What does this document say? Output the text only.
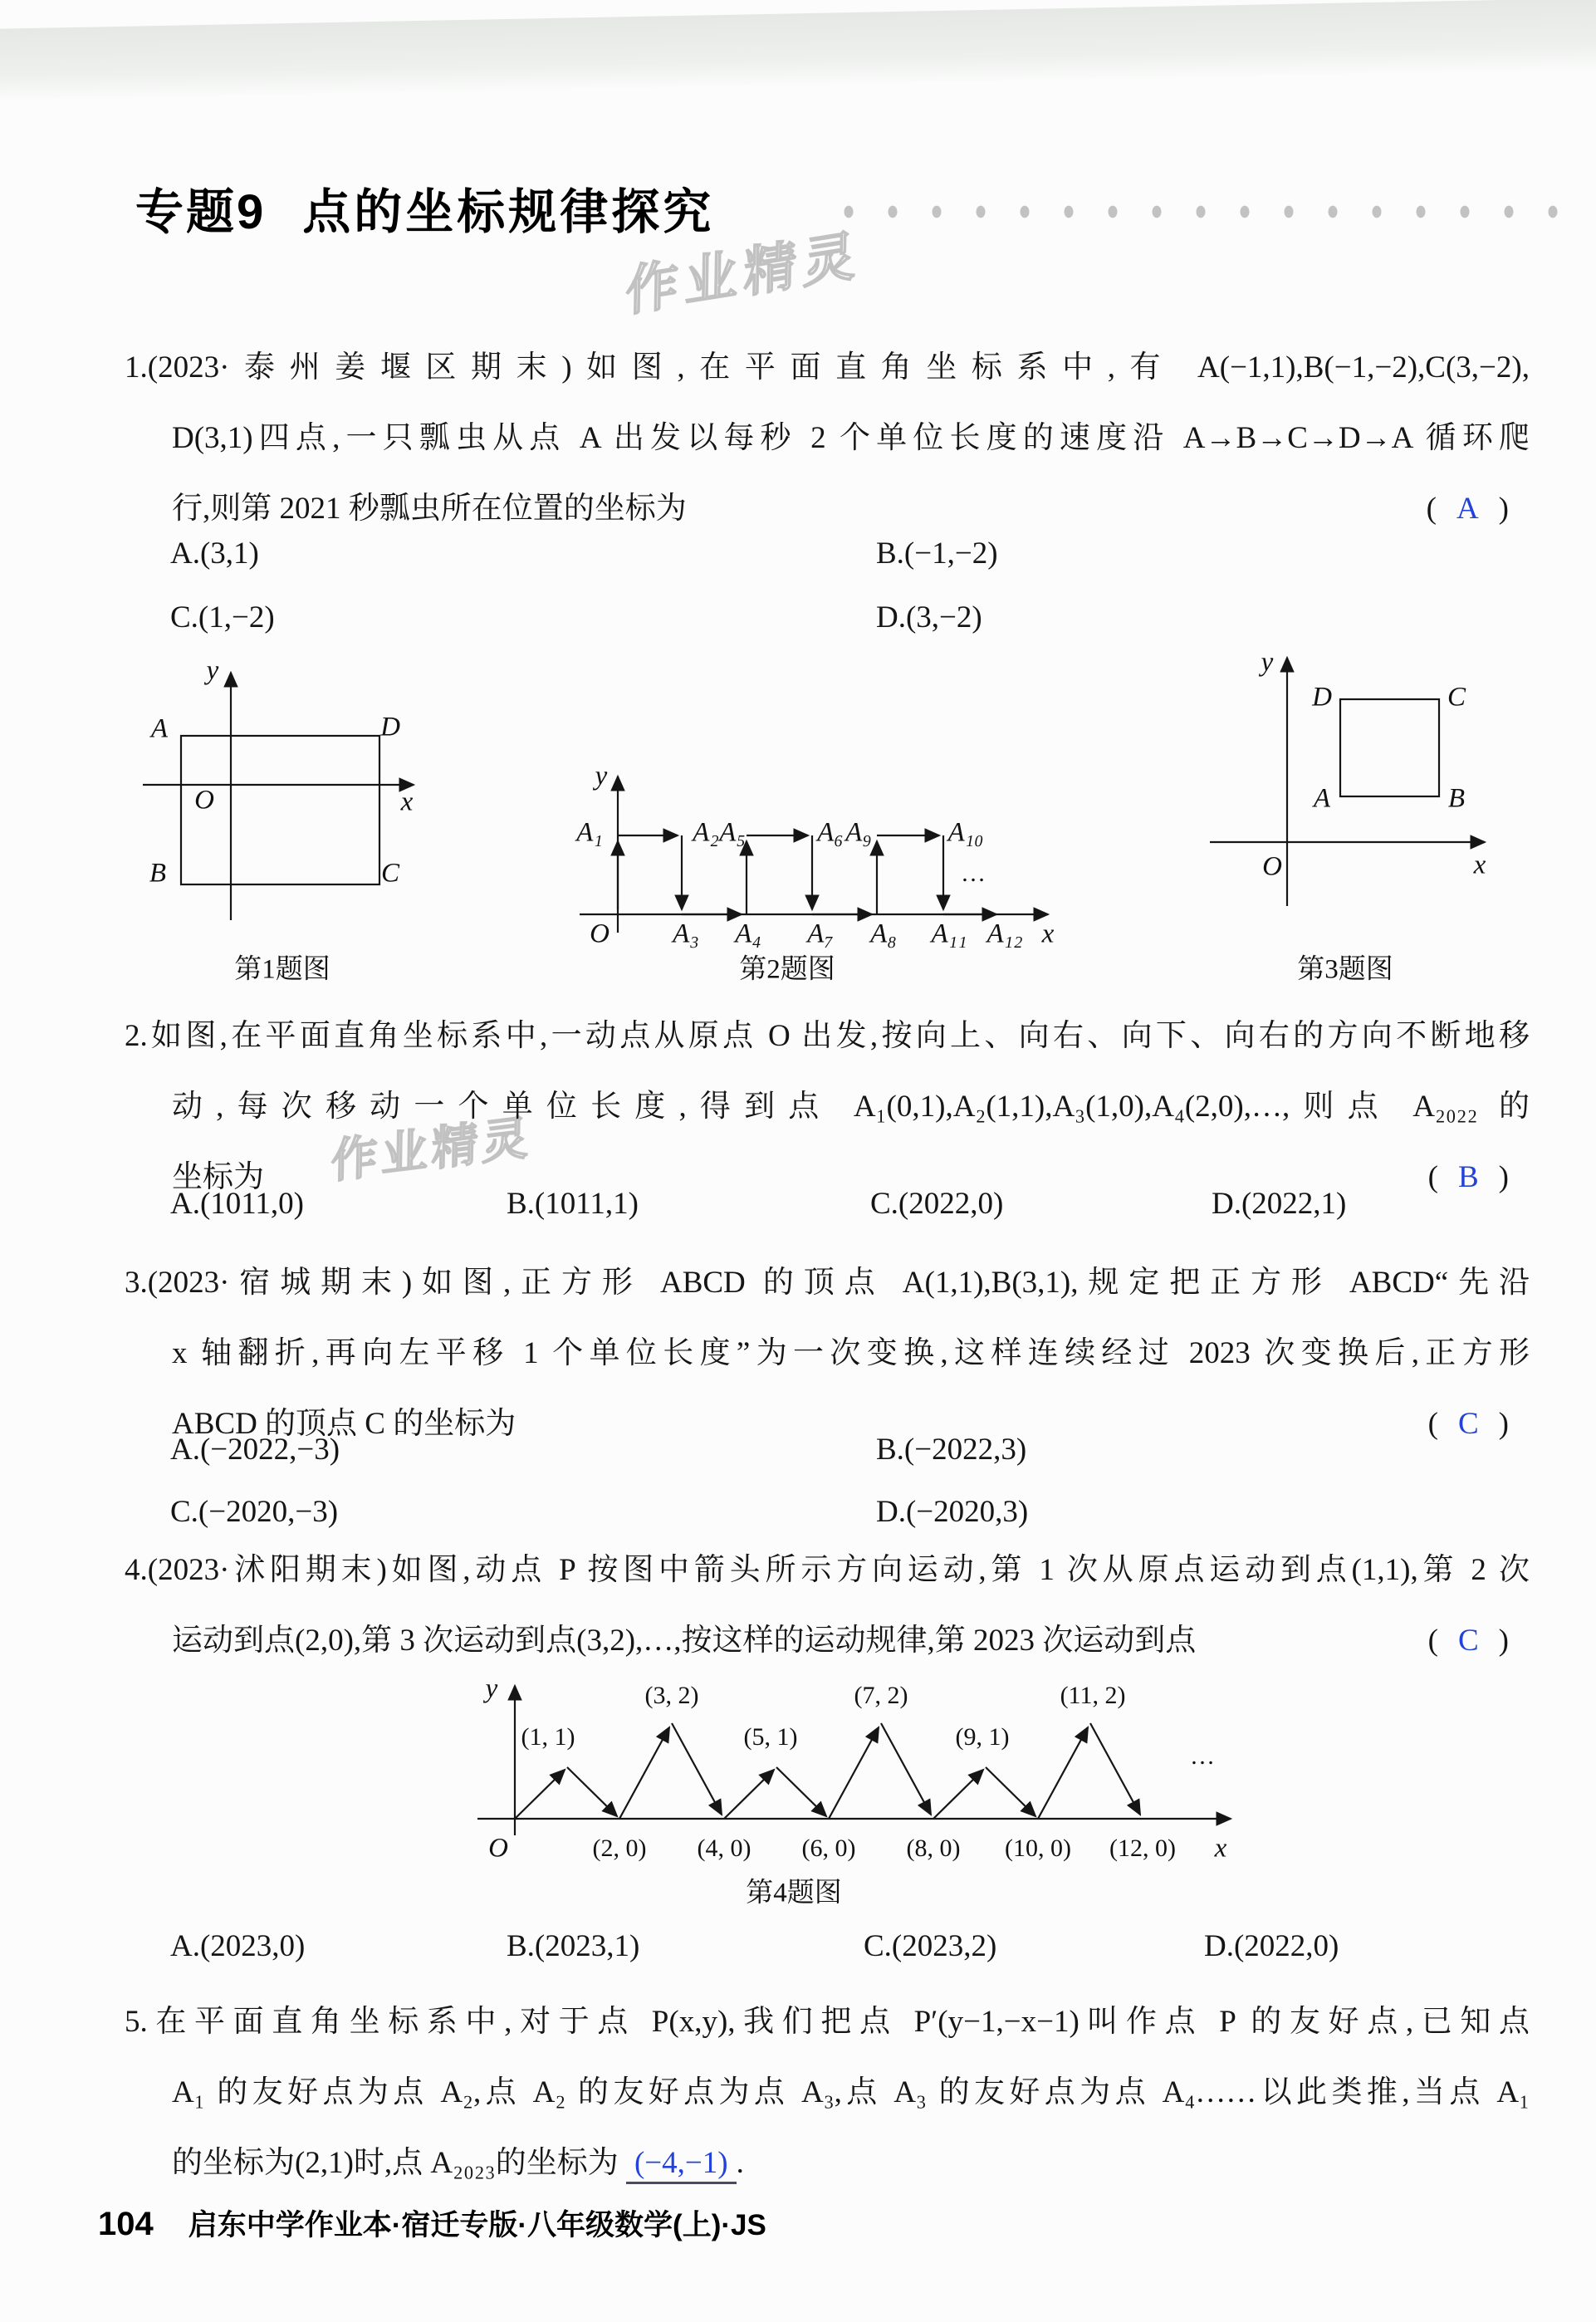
专题9 点的坐标规律探究
作业精灵
作业精灵
1.(2023·泰州姜堰区期末)如图,在平面直角坐标系中,有 A(−1,1),B(−1,−2),C(3,−2),
D(3,1)四点,一只瓢虫从点 A 出发以每秒 2 个单位长度的速度沿 A→B→C→D→A 循环爬
行,则第 2021 秒瓢虫所在位置的坐标为	( A )
A.(3,1)	B.(−1,−2)
C.(1,−2)	D.(3,−2)
y
A	D
O	x
B	C
第1题图
y
A₁	A₂ A₅	A₆ A₉	A₁₀
…
O A₃ A₄ A₇ A₈ A₁₁ A₁₂ x
第2题图
y
D	C
A	B
O	x
第3题图
2.如图,在平面直角坐标系中,一动点从原点 O 出发,按向上、向右、向下、向右的方向不断地移
动,每次移动一个单位长度,得到点 A₁(0,1),A₂(1,1),A₃(1,0),A₄(2,0),…,则点 A₂₀₂₂ 的
坐标为	( B )
A.(1011,0)	B.(1011,1)	C.(2022,0)	D.(2022,1)
3.(2023·宿城期末)如图,正方形 ABCD 的顶点 A(1,1),B(3,1),规定把正方形 ABCD“先沿
x 轴翻折,再向左平移 1 个单位长度”为一次变换,这样连续经过 2023 次变换后,正方形
ABCD 的顶点 C 的坐标为	( C )
A.(−2022,−3)	B.(−2022,3)
C.(−2020,−3)	D.(−2020,3)
4.(2023·沭阳期末)如图,动点 P 按图中箭头所示方向运动,第 1 次从原点运动到点(1,1),第 2 次
运动到点(2,0),第 3 次运动到点(3,2),…,按这样的运动规律,第 2023 次运动到点	( C )
y
(1, 1)
(3, 2)
(5, 1)
(7, 2)
(9, 1)
(11, 2)
…
O	(2, 0) (4, 0) (6, 0) (8, 0) (10, 0) (12, 0) x
第4题图
A.(2023,0)	B.(2023,1)	C.(2023,2)	D.(2022,0)
5.在平面直角坐标系中,对于点 P(x,y),我们把点 P′(y−1,−x−1)叫作点 P 的友好点,已知点
A₁ 的友好点为点 A₂,点 A₂ 的友好点为点 A₃,点 A₃ 的友好点为点 A₄……以此类推,当点 A₁
的坐标为(2,1)时,点 A₂₀₂₃的坐标为 (−4,−1) .
104 启东中学作业本·宿迁专版·八年级数学(上)·JS
